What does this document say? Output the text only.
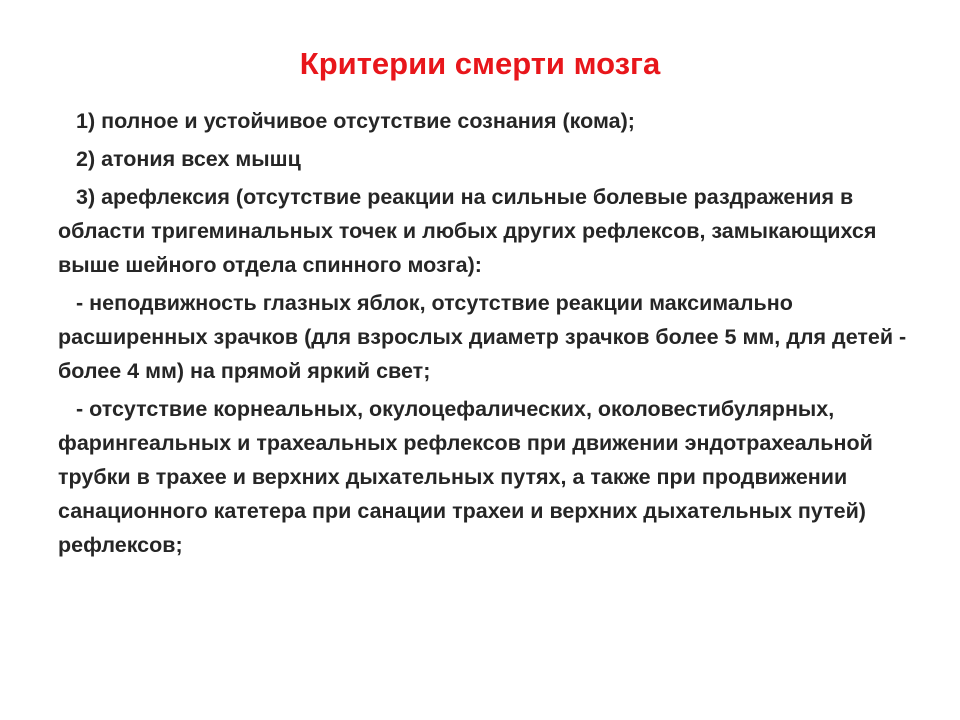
Критерии смерти мозга

1) полное и устойчивое отсутствие сознания (кома);

2) атония всех мышц

3) арефлексия (отсутствие реакции на сильные болевые раздражения в области тригеминальных точек и любых других рефлексов, замыкающихся выше шейного отдела спинного мозга):

- неподвижность глазных яблок, отсутствие реакции максимально расширенных зрачков (для взрослых диаметр зрачков более 5 мм, для детей - более 4 мм) на прямой яркий свет;

- отсутствие корнеальных, окулоцефалических, околовестибулярных, фарингеальных и трахеальных рефлексов при движении эндотрахеальной трубки в трахее и верхних дыхательных путях, а также при продвижении санационного катетера при санации трахеи и верхних дыхательных путей) рефлексов;
